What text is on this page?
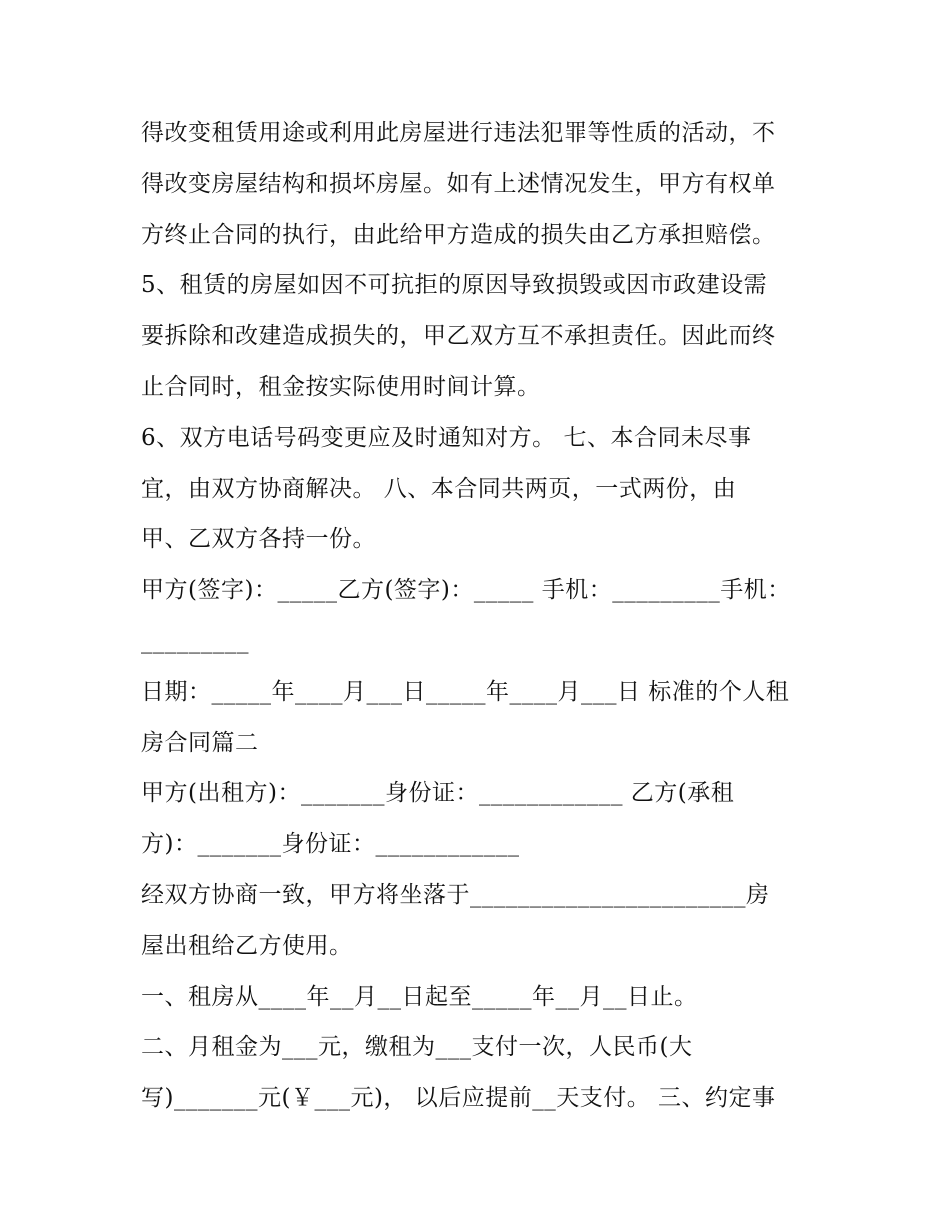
得改变租赁用途或利用此房屋进行违法犯罪等性质的活动，不
得改变房屋结构和损坏房屋。如有上述情况发生，甲方有权单
方终止合同的执行，由此给甲方造成的损失由乙方承担赔偿。
5、租赁的房屋如因不可抗拒的原因导致损毁或因市政建设需
要拆除和改建造成损失的，甲乙双方互不承担责任。因此而终
止合同时，租金按实际使用时间计算。
6、双方电话号码变更应及时通知对方。 七、本合同未尽事
宜，由双方协商解决。 八、本合同共两页，一式两份，由
甲、乙双方各持一份。
甲方(签字)：_____乙方(签字)：_____ 手机：_________手机：
_________
日期：_____年____月___日_____年____月___日 标准的个人租
房合同篇二
甲方(出租方)：_______身份证：____________ 乙方(承租
方)：_______身份证：____________
经双方协商一致，甲方将坐落于_______________________房
屋出租给乙方使用。
一、租房从____年__月__日起至_____年__月__日止。
二、月租金为___元，缴租为___支付一次，人民币(大
写)_______元(￥___元)， 以后应提前__天支付。 三、约定事
